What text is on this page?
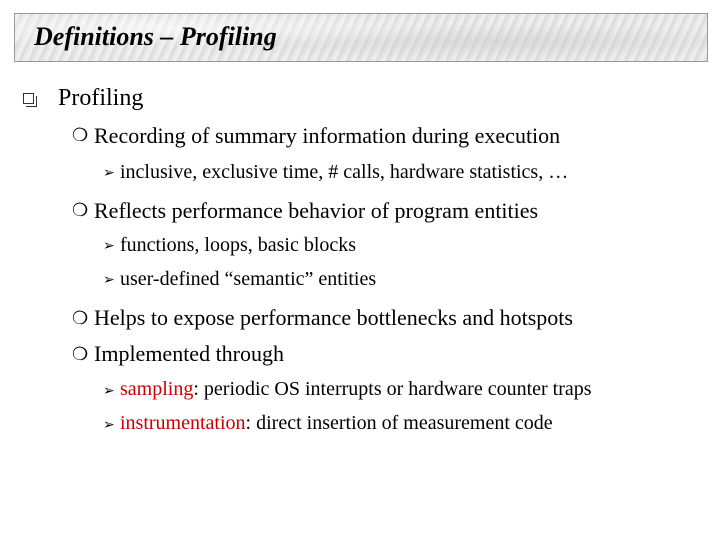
Definitions – Profiling
Profiling
❍ Recording of summary information during execution
➢ inclusive, exclusive time, # calls, hardware statistics, …
❍ Reflects performance behavior of program entities
➢ functions, loops, basic blocks
➢ user-defined “semantic” entities
❍ Helps to expose performance bottlenecks and hotspots
❍ Implemented through
➢ sampling: periodic OS interrupts or hardware counter traps
➢ instrumentation: direct insertion of measurement code
